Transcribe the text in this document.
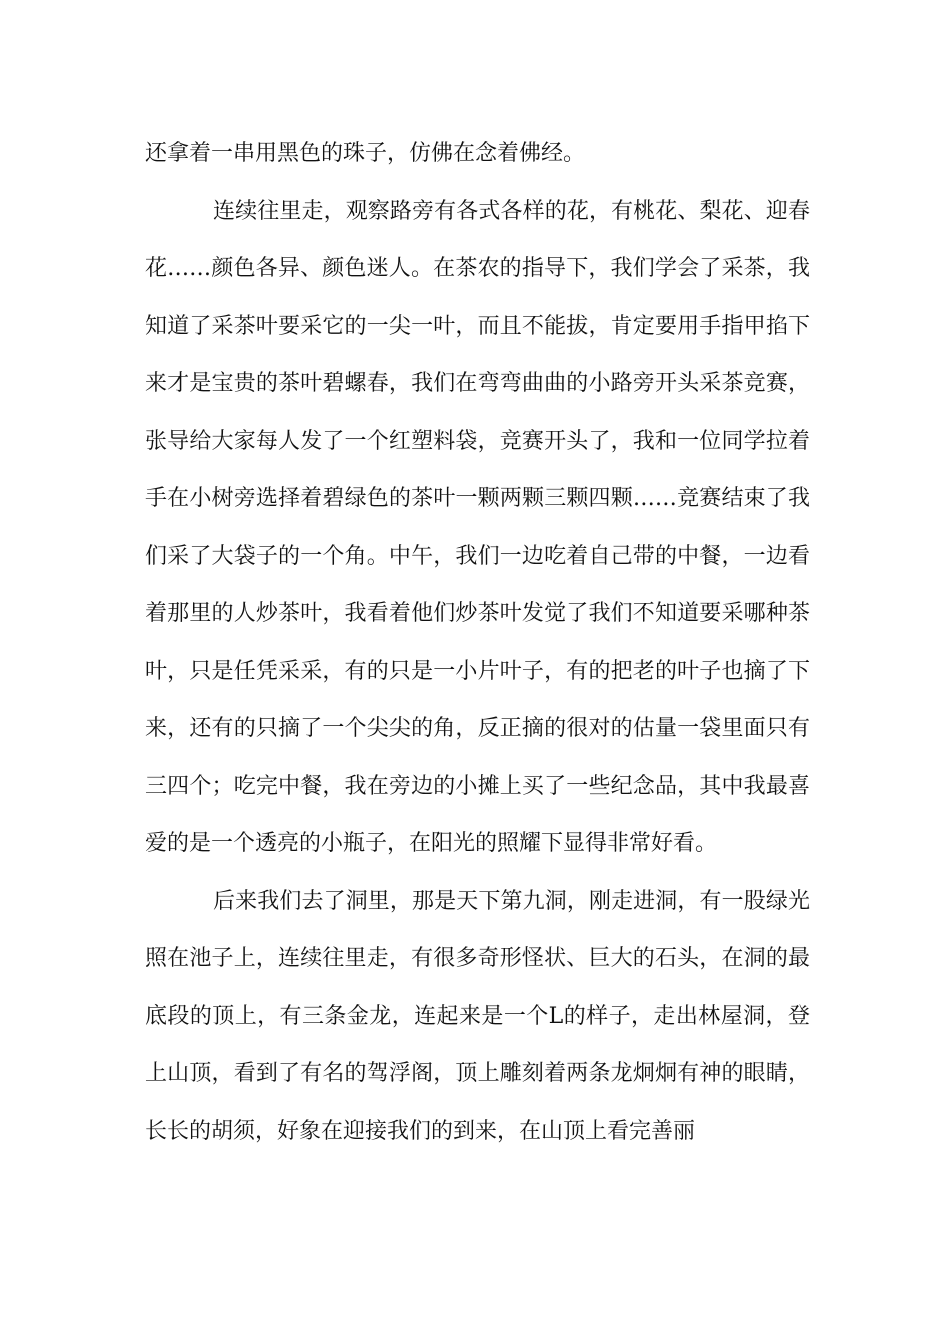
还拿着一串用黑色的珠子，仿佛在念着佛经。

连续往里走，观察路旁有各式各样的花，有桃花、梨花、迎春花……颜色各异、颜色迷人。在茶农的指导下，我们学会了采茶，我知道了采茶叶要采它的一尖一叶，而且不能拔，肯定要用手指甲掐下来才是宝贵的茶叶碧螺春，我们在弯弯曲曲的小路旁开头采茶竞赛，张导给大家每人发了一个红塑料袋，竞赛开头了，我和一位同学拉着手在小树旁选择着碧绿色的茶叶一颗两颗三颗四颗……竞赛结束了我们采了大袋子的一个角。中午，我们一边吃着自己带的中餐，一边看着那里的人炒茶叶，我看着他们炒茶叶发觉了我们不知道要采哪种茶叶，只是任凭采采，有的只是一小片叶子，有的把老的叶子也摘了下来，还有的只摘了一个尖尖的角，反正摘的很对的估量一袋里面只有三四个；吃完中餐，我在旁边的小摊上买了一些纪念品，其中我最喜爱的是一个透亮的小瓶子，在阳光的照耀下显得非常好看。

后来我们去了洞里，那是天下第九洞，刚走进洞，有一股绿光照在池子上，连续往里走，有很多奇形怪状、巨大的石头，在洞的最底段的顶上，有三条金龙，连起来是一个L的样子，走出林屋洞，登上山顶，看到了有名的驾浮阁，顶上雕刻着两条龙炯炯有神的眼睛，长长的胡须，好象在迎接我们的到来，在山顶上看完善丽
